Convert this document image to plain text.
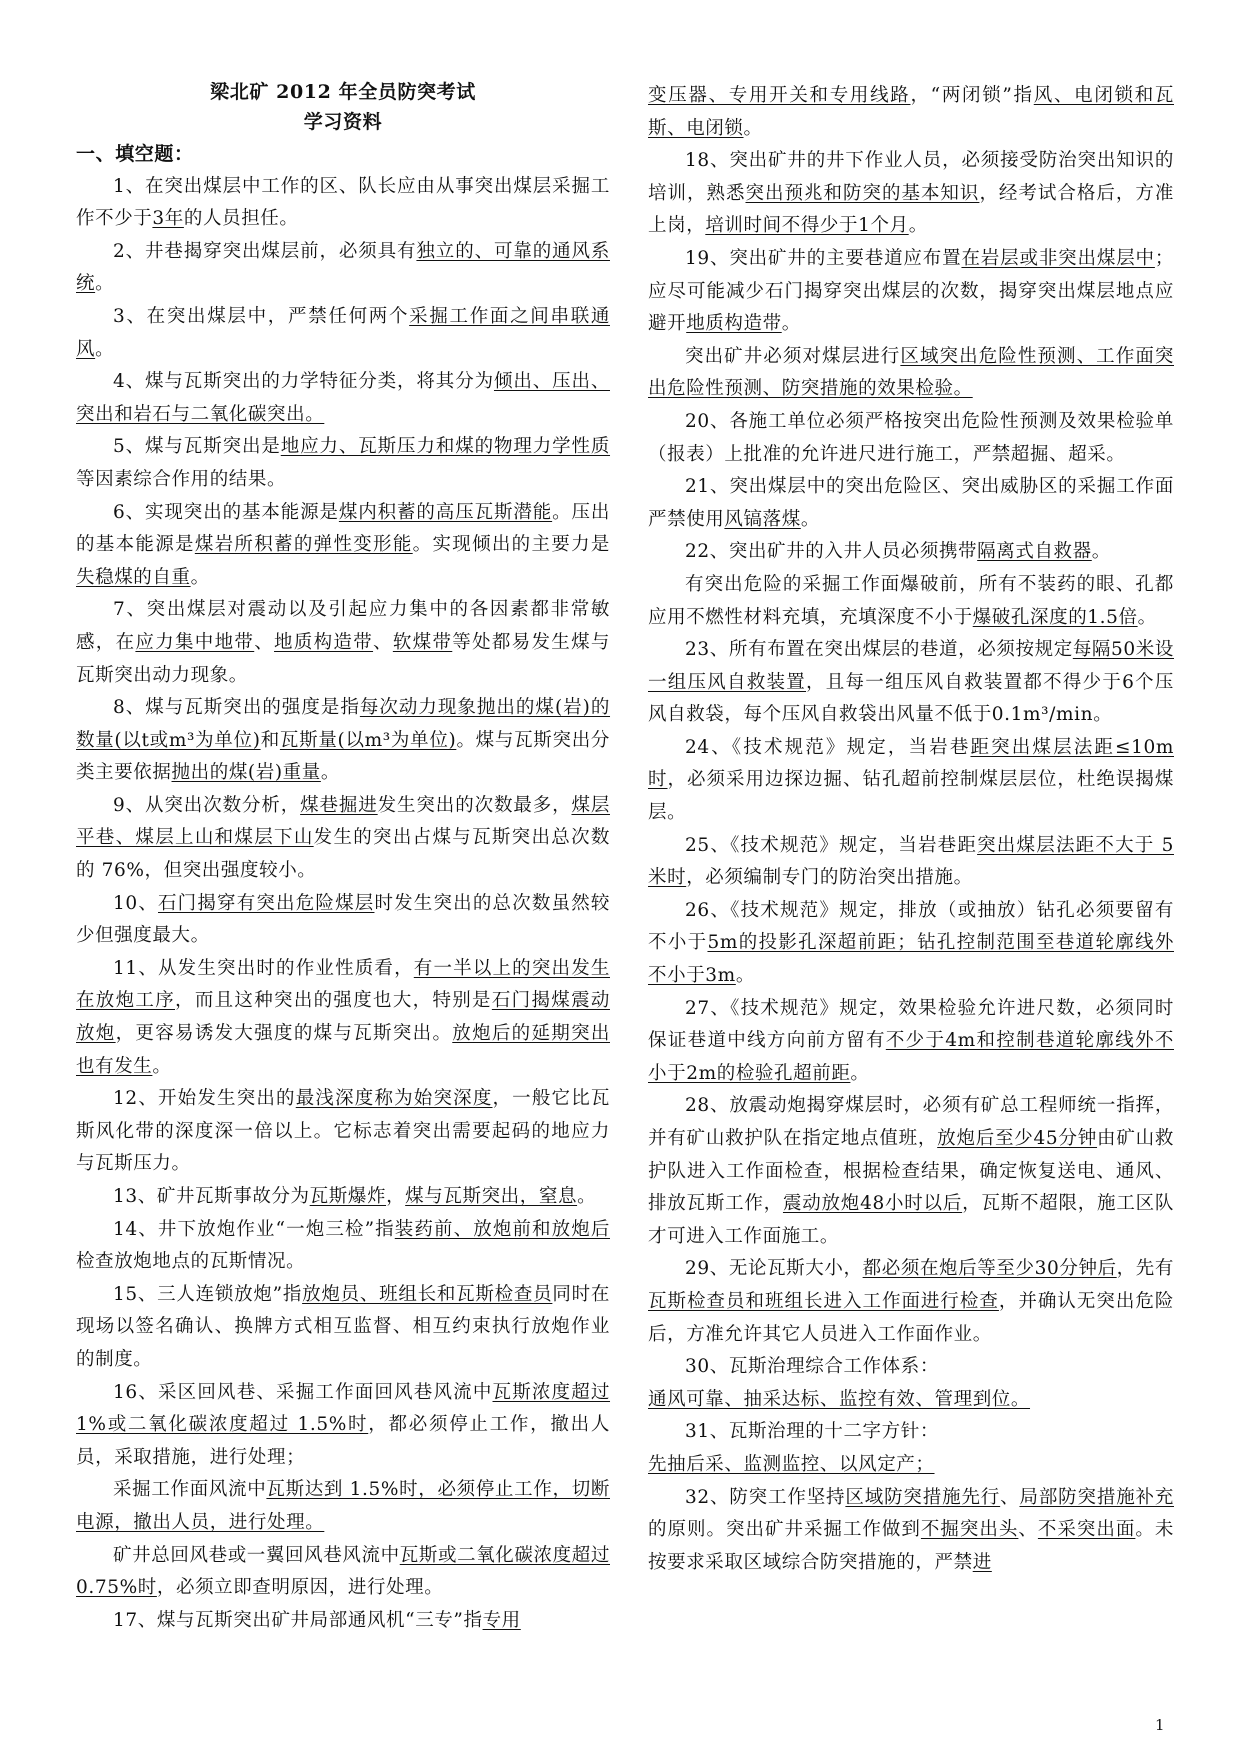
梁北矿 2012 年全员防突考试
学习资料
一、填空题：

1、在突出煤层中工作的区、队长应由从事突出煤层采掘工作不少于3年的人员担任。

2、井巷揭穿突出煤层前，必须具有独立的、可靠的通风系统。

3、在突出煤层中，严禁任何两个采掘工作面之间串联通风。

4、煤与瓦斯突出的力学特征分类，将其分为倾出、压出、突出和岩石与二氧化碳突出。

5、煤与瓦斯突出是地应力、瓦斯压力和煤的物理力学性质等因素综合作用的结果。

6、实现突出的基本能源是煤内积蓄的高压瓦斯潜能。压出的基本能源是煤岩所积蓄的弹性变形能。实现倾出的主要力是失稳煤的自重。

7、突出煤层对震动以及引起应力集中的各因素都非常敏感，在应力集中地带、地质构造带、软煤带等处都易发生煤与瓦斯突出动力现象。

8、煤与瓦斯突出的强度是指每次动力现象抛出的煤(岩)的数量(以t或m³为单位)和瓦斯量(以m³为单位)。煤与瓦斯突出分类主要依据抛出的煤(岩)重量。

9、从突出次数分析，煤巷掘进发生突出的次数最多，煤层平巷、煤层上山和煤层下山发生的突出占煤与瓦斯突出总次数的 76%，但突出强度较小。

10、石门揭穿有突出危险煤层时发生突出的总次数虽然较少但强度最大。

11、从发生突出时的作业性质看，有一半以上的突出发生在放炮工序，而且这种突出的强度也大，特别是石门揭煤震动放炮，更容易诱发大强度的煤与瓦斯突出。放炮后的延期突出也有发生。

12、开始发生突出的最浅深度称为始突深度，一般它比瓦斯风化带的深度深一倍以上。它标志着突出需要起码的地应力与瓦斯压力。

13、矿井瓦斯事故分为瓦斯爆炸，煤与瓦斯突出，窒息。

14、井下放炮作业“一炮三检”指装药前、放炮前和放炮后检查放炮地点的瓦斯情况。

15、三人连锁放炮”指放炮员、班组长和瓦斯检查员同时在现场以签名确认、换牌方式相互监督、相互约束执行放炮作业的制度。

16、采区回风巷、采掘工作面回风巷风流中瓦斯浓度超过 1%或二氧化碳浓度超过 1.5%时，都必须停止工作，撤出人员，采取措施，进行处理；

采掘工作面风流中瓦斯达到 1.5%时，必须停止工作，切断电源，撤出人员，进行处理。

矿井总回风巷或一翼回风巷风流中瓦斯或二氧化碳浓度超过 0.75%时，必须立即查明原因，进行处理。

17、煤与瓦斯突出矿井局部通风机“三专”指专用

变压器、专用开关和专用线路，“两闭锁”指风、电闭锁和瓦斯、电闭锁。

18、突出矿井的井下作业人员，必须接受防治突出知识的培训，熟悉突出预兆和防突的基本知识，经考试合格后，方准上岗，培训时间不得少于1个月。

19、突出矿井的主要巷道应布置在岩层或非突出煤层中；应尽可能减少石门揭穿突出煤层的次数，揭穿突出煤层地点应避开地质构造带。

突出矿井必须对煤层进行区域突出危险性预测、工作面突出危险性预测、防突措施的效果检验。

20、各施工单位必须严格按突出危险性预测及效果检验单（报表）上批准的允许进尺进行施工，严禁超掘、超采。

21、突出煤层中的突出危险区、突出威胁区的采掘工作面严禁使用风镐落煤。

22、突出矿井的入井人员必须携带隔离式自救器。

有突出危险的采掘工作面爆破前，所有不装药的眼、孔都应用不燃性材料充填，充填深度不小于爆破孔深度的1.5倍。

23、所有布置在突出煤层的巷道，必须按规定每隔50米设一组压风自救装置，且每一组压风自救装置都不得少于6个压风自救袋，每个压风自救袋出风量不低于0.1m³/min。

24、《技术规范》规定，当岩巷距突出煤层法距≤10m时，必须采用边探边掘、钻孔超前控制煤层层位，杜绝误揭煤层。

25、《技术规范》规定，当岩巷距突出煤层法距不大于 5 米时，必须编制专门的防治突出措施。

26、《技术规范》规定，排放（或抽放）钻孔必须要留有不小于5m的投影孔深超前距；钻孔控制范围至巷道轮廓线外不小于3m。

27、《技术规范》规定，效果检验允许进尺数，必须同时保证巷道中线方向前方留有不少于4m和控制巷道轮廓线外不小于2m的检验孔超前距。

28、放震动炮揭穿煤层时，必须有矿总工程师统一指挥，并有矿山救护队在指定地点值班，放炮后至少45分钟由矿山救护队进入工作面检查，根据检查结果，确定恢复送电、通风、排放瓦斯工作，震动放炮48小时以后，瓦斯不超限，施工区队才可进入工作面施工。

29、无论瓦斯大小，都必须在炮后等至少30分钟后，先有瓦斯检查员和班组长进入工作面进行检查，并确认无突出危险后，方准允许其它人员进入工作面作业。

30、瓦斯治理综合工作体系：

通风可靠、抽采达标、监控有效、管理到位。

31、瓦斯治理的十二字方针：

先抽后采、监测监控、以风定产；

32、防突工作坚持区域防突措施先行、局部防突措施补充的原则。突出矿井采掘工作做到不掘突出头、不采突出面。未按要求采取区域综合防突措施的，严禁进

1
